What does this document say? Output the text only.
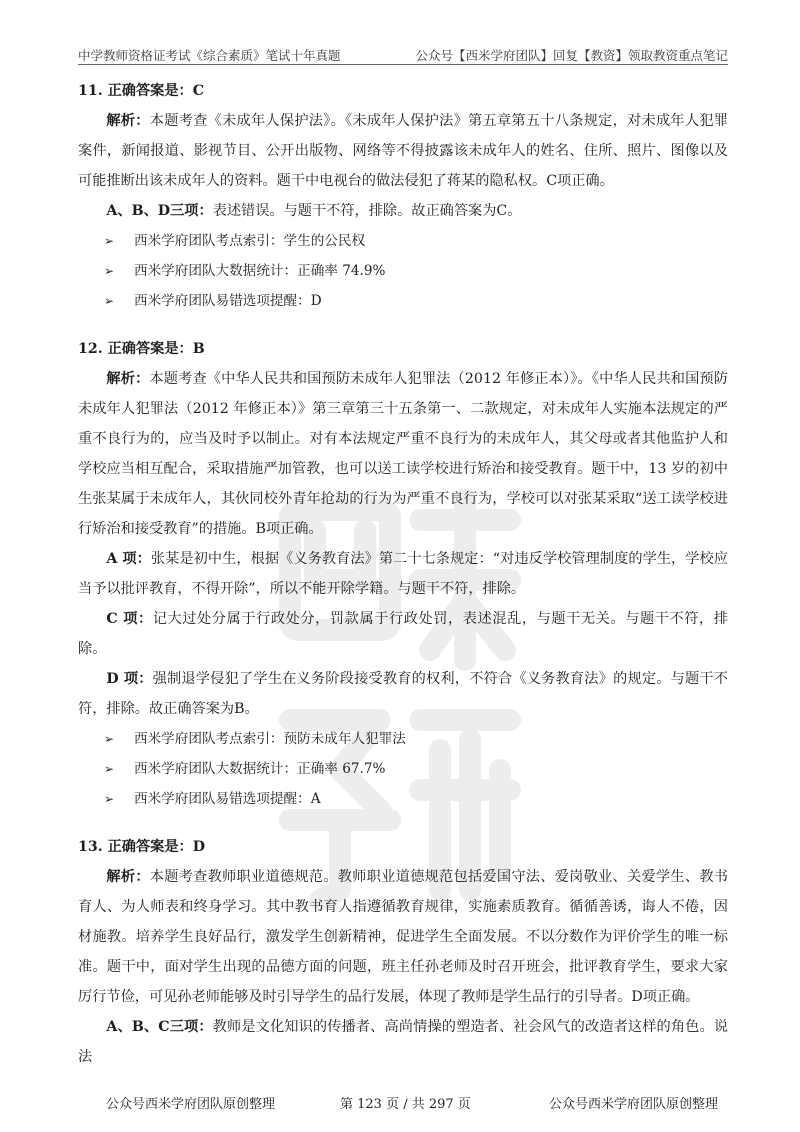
中学教师资格证考试《综合素质》笔试十年真题	公众号【西米学府团队】回复【教资】领取教资重点笔记

11. 正确答案是：C

解析：本题考查《未成年人保护法》。《未成年人保护法》第五章第五十八条规定，对未成年人犯罪案件，新闻报道、影视节目、公开出版物、网络等不得披露该未成年人的姓名、住所、照片、图像以及可能推断出该未成年人的资料。题干中电视台的做法侵犯了蒋某的隐私权。C项正确。

A、B、D三项：表述错误。与题干不符，排除。故正确答案为C。

➢ 西米学府团队考点索引：学生的公民权

➢ 西米学府团队大数据统计：正确率 74.9%

➢ 西米学府团队易错选项提醒：D

12. 正确答案是：B

解析：本题考查《中华人民共和国预防未成年人犯罪法（2012 年修正本）》。《中华人民共和国预防未成年人犯罪法（2012 年修正本）》第三章第三十五条第一、二款规定，对未成年人实施本法规定的严重不良行为的，应当及时予以制止。对有本法规定严重不良行为的未成年人，其父母或者其他监护人和学校应当相互配合，采取措施严加管教，也可以送工读学校进行矫治和接受教育。题干中，13 岁的初中生张某属于未成年人，其伙同校外青年抢劫的行为为严重不良行为，学校可以对张某采取“送工读学校进行矫治和接受教育”的措施。B项正确。

A 项：张某是初中生，根据《义务教育法》第二十七条规定：“对违反学校管理制度的学生，学校应当予以批评教育，不得开除”，所以不能开除学籍。与题干不符，排除。

C 项：记大过处分属于行政处分，罚款属于行政处罚，表述混乱，与题干无关。与题干不符，排除。

D 项：强制退学侵犯了学生在义务阶段接受教育的权利，不符合《义务教育法》的规定。与题干不符，排除。故正确答案为B。

➢ 西米学府团队考点索引：预防未成年人犯罪法

➢ 西米学府团队大数据统计：正确率 67.7%

➢ 西米学府团队易错选项提醒：A

13. 正确答案是：D

解析：本题考查教师职业道德规范。教师职业道德规范包括爱国守法、爱岗敬业、关爱学生、教书育人、为人师表和终身学习。其中教书育人指遵循教育规律，实施素质教育。循循善诱，诲人不倦，因材施教。培养学生良好品行，激发学生创新精神，促进学生全面发展。不以分数作为评价学生的唯一标准。题干中，面对学生出现的品德方面的问题，班主任孙老师及时召开班会，批评教育学生，要求大家厉行节俭，可见孙老师能够及时引导学生的品行发展，体现了教师是学生品行的引导者。D项正确。

A、B、C三项：教师是文化知识的传播者、高尚情操的塑造者、社会风气的改造者这样的角色。说法

公众号西米学府团队原创整理	第 123 页 / 共 297 页	公众号西米学府团队原创整理
